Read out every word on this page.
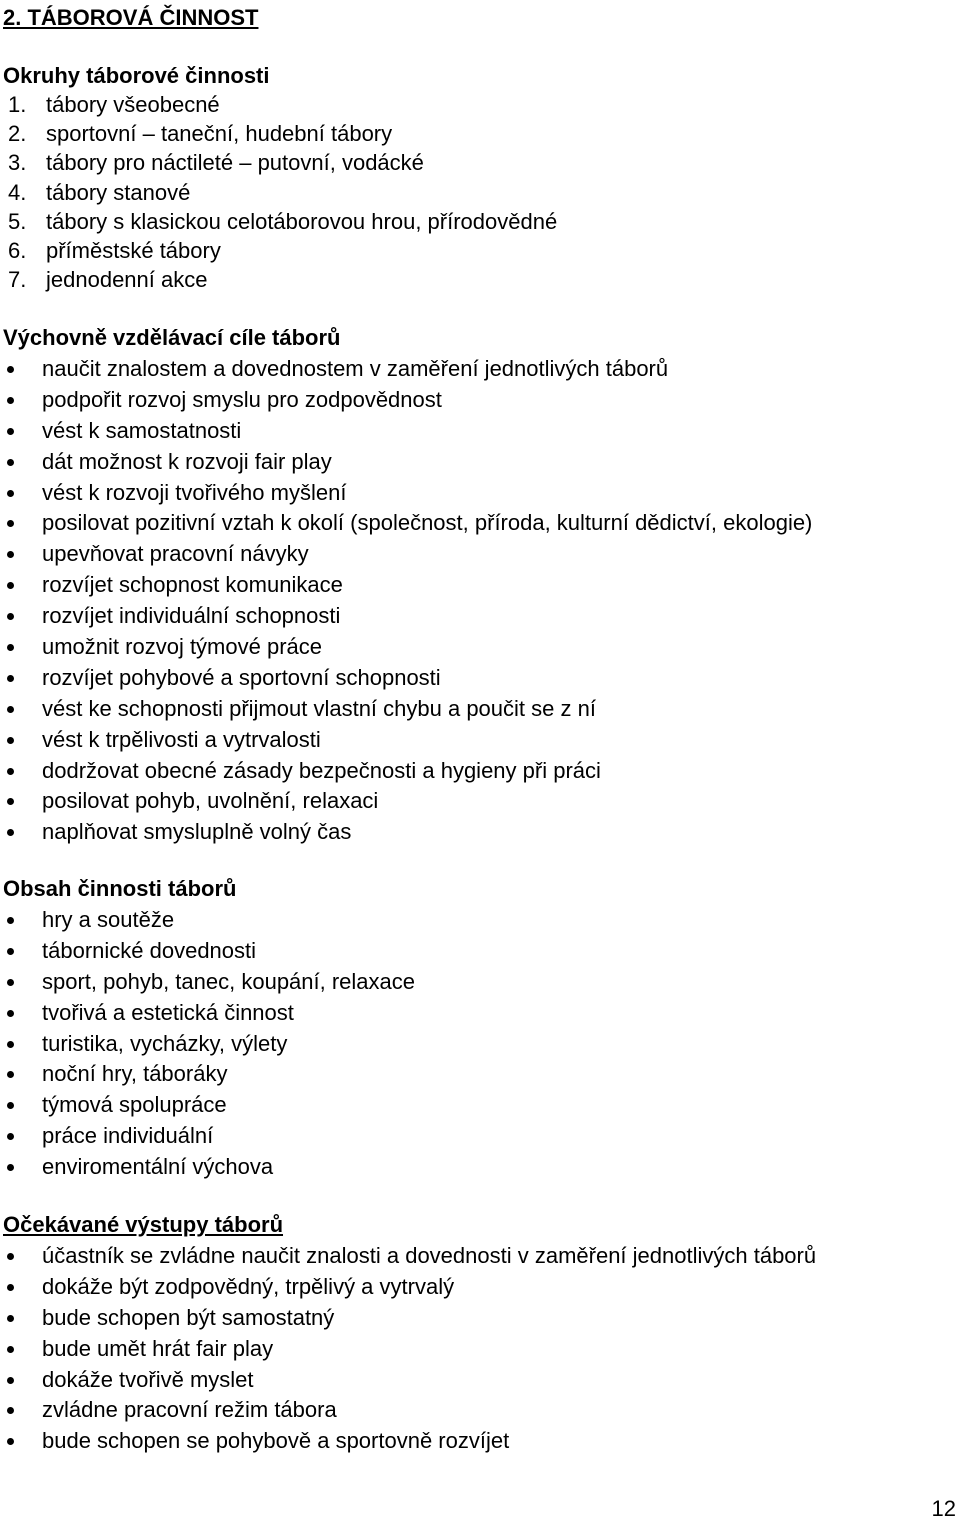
2. TÁBOROVÁ ČINNOST
Okruhy táborové činnosti
1. tábory všeobecné
2. sportovní – taneční, hudební tábory
3. tábory pro náctileté – putovní, vodácké
4. tábory stanové
5. tábory s klasickou celotáborovou hrou, přírodovědné
6. příměstské tábory
7. jednodenní akce
Výchovně vzdělávací cíle táborů
naučit znalostem a dovednostem v zaměření jednotlivých táborů
podpořit rozvoj smyslu pro zodpovědnost
vést k samostatnosti
dát možnost k rozvoji fair play
vést k rozvoji tvořivého myšlení
posilovat pozitivní vztah k okolí (společnost, příroda, kulturní dědictví, ekologie)
upevňovat pracovní návyky
rozvíjet schopnost komunikace
rozvíjet individuální schopnosti
umožnit rozvoj týmové práce
rozvíjet pohybové a sportovní schopnosti
vést ke schopnosti přijmout vlastní chybu a poučit se z ní
vést k trpělivosti a vytrvalosti
dodržovat obecné zásady bezpečnosti a hygieny při práci
posilovat pohyb, uvolnění, relaxaci
naplňovat smysluplně volný čas
Obsah činnosti táborů
hry a soutěže
tábornické dovednosti
sport, pohyb, tanec, koupání, relaxace
tvořivá a estetická činnost
turistika, vycházky, výlety
noční hry, táboráky
týmová spolupráce
práce individuální
enviromentální výchova
Očekávané výstupy táborů
účastník se zvládne naučit znalosti a dovednosti v zaměření jednotlivých táborů
dokáže být zodpovědný, trpělivý a vytrvalý
bude schopen být samostatný
bude umět hrát fair play
dokáže tvořivě myslet
zvládne pracovní režim tábora
bude schopen se pohybově a sportovně rozvíjet
12
